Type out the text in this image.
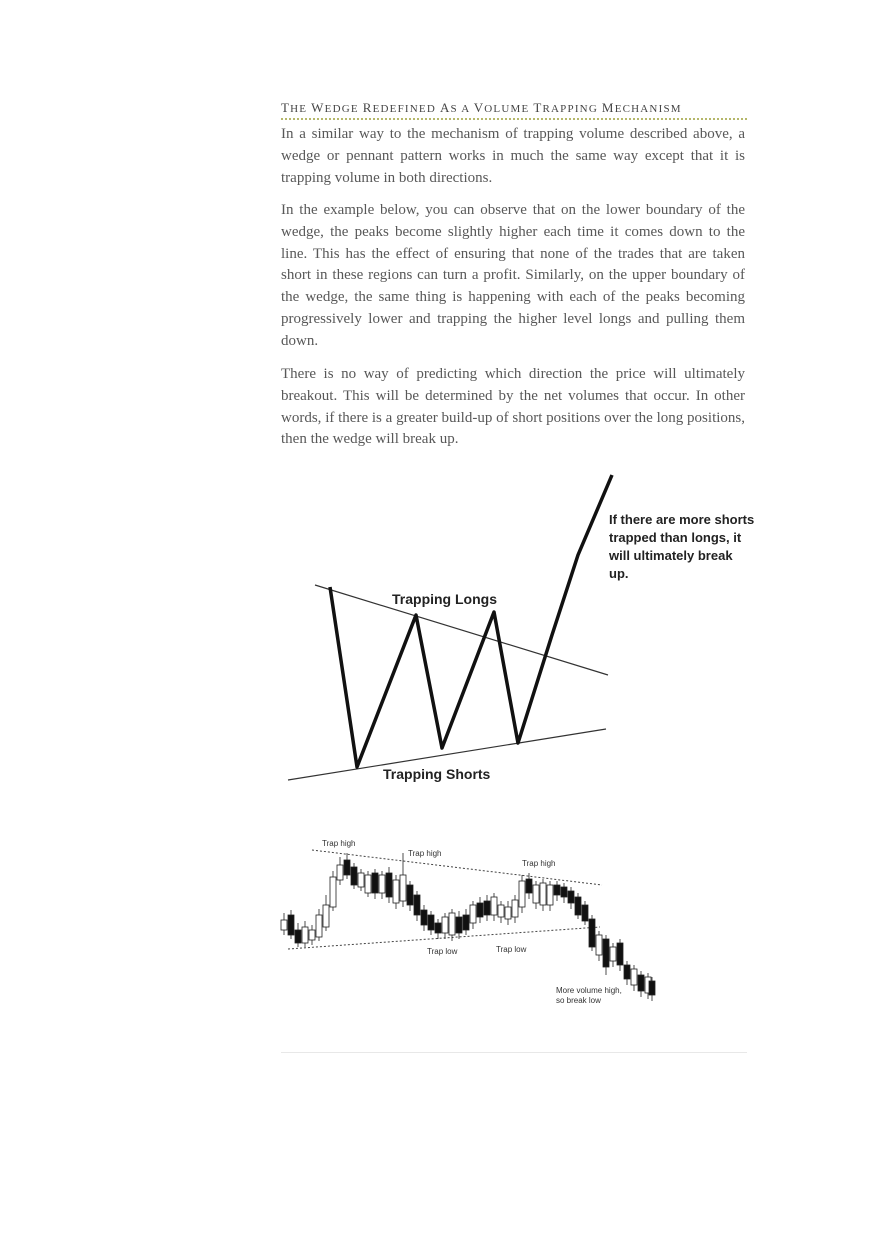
THE WEDGE REDEFINED AS A VOLUME TRAPPING MECHANISM

In a similar way to the mechanism of trapping volume described above, a wedge or pennant pattern works in much the same way except that it is trapping volume in both directions.

In the example below, you can observe that on the lower boundary of the wedge, the peaks become slightly higher each time it comes down to the line. This has the effect of ensuring that none of the trades that are taken short in these regions can turn a profit. Similarly, on the upper boundary of the wedge, the same thing is happening with each of the peaks becoming progressively lower and trapping the higher level longs and pulling them down.

There is no way of predicting which direction the price will ultimately breakout. This will be determined by the net volumes that occur. In other words, if there is a greater build-up of short positions over the long positions, then the wedge will break up.

Trapping Longs
Trapping Shorts
If there are more shorts trapped than longs, it will ultimately break up.
Trap high
Trap high
Trap high
Trap low	Trap low
More volume high,
so break low
